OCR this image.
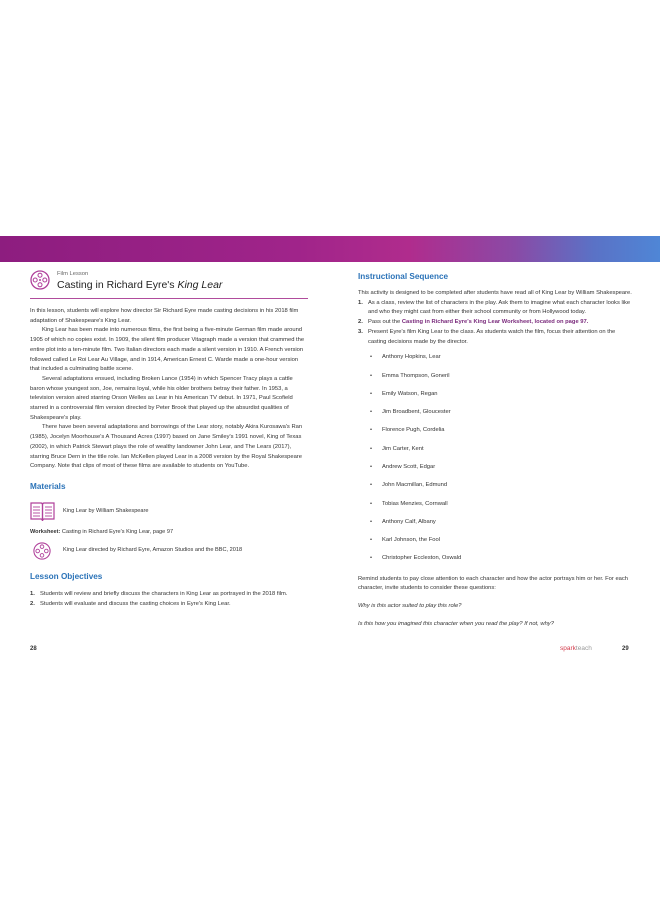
Film Lesson
Casting in Richard Eyre's King Lear

In this lesson, students will explore how director Sir Richard Eyre made casting decisions in his 2018 film adaptation of Shakespeare's King Lear.

King Lear has been made into numerous films, the first being a five-minute German film made around 1905 of which no copies exist. In 1909, the silent film producer Vitagraph made a version that crammed the entire plot into a ten-minute film. Two Italian directors each made a silent version in 1910. A French version followed called Le Roi Lear Au Village, and in 1914, American Ernest C. Warde made a one-hour version that included a culminating battle scene.

Several adaptations ensued, including Broken Lance (1954) in which Spencer Tracy plays a cattle baron whose youngest son, Joe, remains loyal, while his older brothers betray their father. In 1953, a television version aired starring Orson Welles as Lear in his American TV debut. In 1971, Paul Scofield starred in a controversial film version directed by Peter Brook that played up the absurdist qualities of Shakespeare's play.

There have been several adaptations and borrowings of the Lear story, notably Akira Kurosawa's Ran (1985), Jocelyn Moorhouse's A Thousand Acres (1997) based on Jane Smiley's 1991 novel, King of Texas (2002), in which Patrick Stewart plays the role of wealthy landowner John Lear, and The Lears (2017), starring Bruce Dern in the title role. Ian McKellen played Lear in a 2008 version by the Royal Shakespeare Company. Note that clips of most of these films are available to students on YouTube.

Materials
King Lear by William Shakespeare

Worksheet: Casting in Richard Eyre's King Lear, page 97

King Lear directed by Richard Eyre, Amazon Studios and the BBC, 2018
Lesson Objectives
1. Students will review and briefly discuss the characters in King Lear as portrayed in the 2018 film.
2. Students will evaluate and discuss the casting choices in Eyre's King Lear.
28
Instructional Sequence

This activity is designed to be completed after students have read all of King Lear by William Shakespeare.

1. As a class, review the list of characters in the play. Ask them to imagine what each character looks like and who they might cast from either their school community or from Hollywood today.
2. Pass out the Casting in Richard Eyre's King Lear Worksheet, located on page 97.
3. Present Eyre's film King Lear to the class. As students watch the film, focus their attention on the casting decisions made by the director.
•	Anthony Hopkins, Lear
•	Emma Thompson, Goneril
•	Emily Watson, Regan
•	Jim Broadbent, Gloucester
•	Florence Pugh, Cordelia
•	Jim Carter, Kent
•	Andrew Scott, Edgar
•	John Macmillan, Edmund
•	Tobias Menzies, Cornwall
•	Anthony Calf, Albany
•	Karl Johnson, the Fool
•	Christopher Eccleston, Oswald

Remind students to pay close attention to each character and how the actor portrays him or her. For each character, invite students to consider these questions:

Why is this actor suited to play this role?

Is this how you imagined this character when you read the play? If not, why?

sparkteach	29
